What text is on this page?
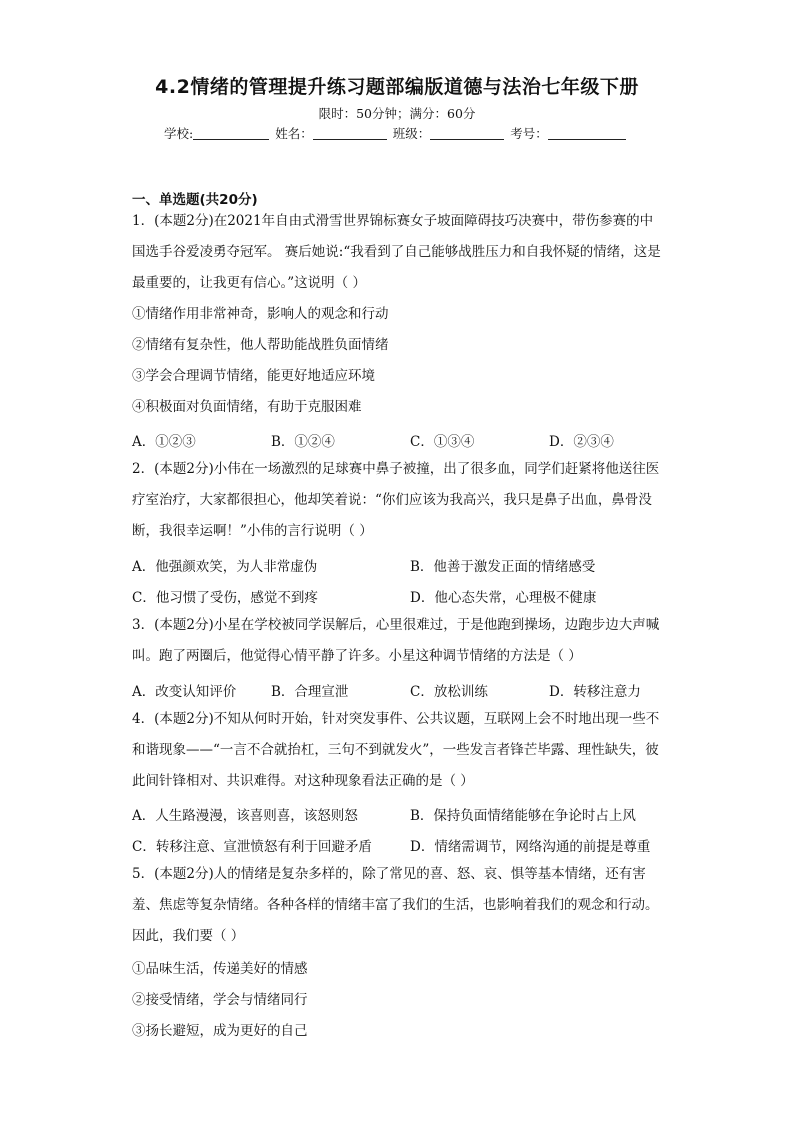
4.2情绪的管理提升练习题部编版道德与法治七年级下册
限时：50分钟；满分：60分
学校:	姓名：	班级：	考号：
一、单选题(共20分)

1．(本题2分)在2021年自由式滑雪世界锦标赛女子坡面障碍技巧决赛中，带伤参赛的中国选手谷爱凌勇夺冠军。 赛后她说:“我看到了自己能够战胜压力和自我怀疑的情绪，这是最重要的，让我更有信心。”这说明（ ）

①情绪作用非常神奇，影响人的观念和行动

②情绪有复杂性，他人帮助能战胜负面情绪

③学会合理调节情绪，能更好地适应环境

④积极面对负面情绪，有助于克服困难

A．①②③	B．①②④	C．①③④	D．②③④

2．(本题2分)小伟在一场激烈的足球赛中鼻子被撞，出了很多血，同学们赶紧将他送往医疗室治疗，大家都很担心，他却笑着说：“你们应该为我高兴，我只是鼻子出血，鼻骨没断，我很幸运啊！”小伟的言行说明（ ）

A．他强颜欢笑，为人非常虚伪	B．他善于激发正面的情绪感受
C．他习惯了受伤，感觉不到疼	D．他心态失常，心理极不健康

3．(本题2分)小星在学校被同学误解后，心里很难过，于是他跑到操场，边跑步边大声喊叫。跑了两圈后，他觉得心情平静了许多。小星这种调节情绪的方法是（ ）

A．改变认知评价	B．合理宣泄	C．放松训练	D．转移注意力

4．(本题2分)不知从何时开始，针对突发事件、公共议题，互联网上会不时地出现一些不和谐现象——“一言不合就抬杠，三句不到就发火”，一些发言者锋芒毕露、理性缺失，彼此间针锋相对、共识难得。对这种现象看法正确的是（ ）

A．人生路漫漫，该喜则喜，该怒则怒	B．保持负面情绪能够在争论时占上风
C．转移注意、宣泄愤怒有利于回避矛盾	D．情绪需调节，网络沟通的前提是尊重

5．(本题2分)人的情绪是复杂多样的，除了常见的喜、怒、哀、惧等基本情绪，还有害羞、焦虑等复杂情绪。各种各样的情绪丰富了我们的生活，也影响着我们的观念和行动。因此，我们要（ ）

①品味生活，传递美好的情感

②接受情绪，学会与情绪同行

③扬长避短，成为更好的自己
